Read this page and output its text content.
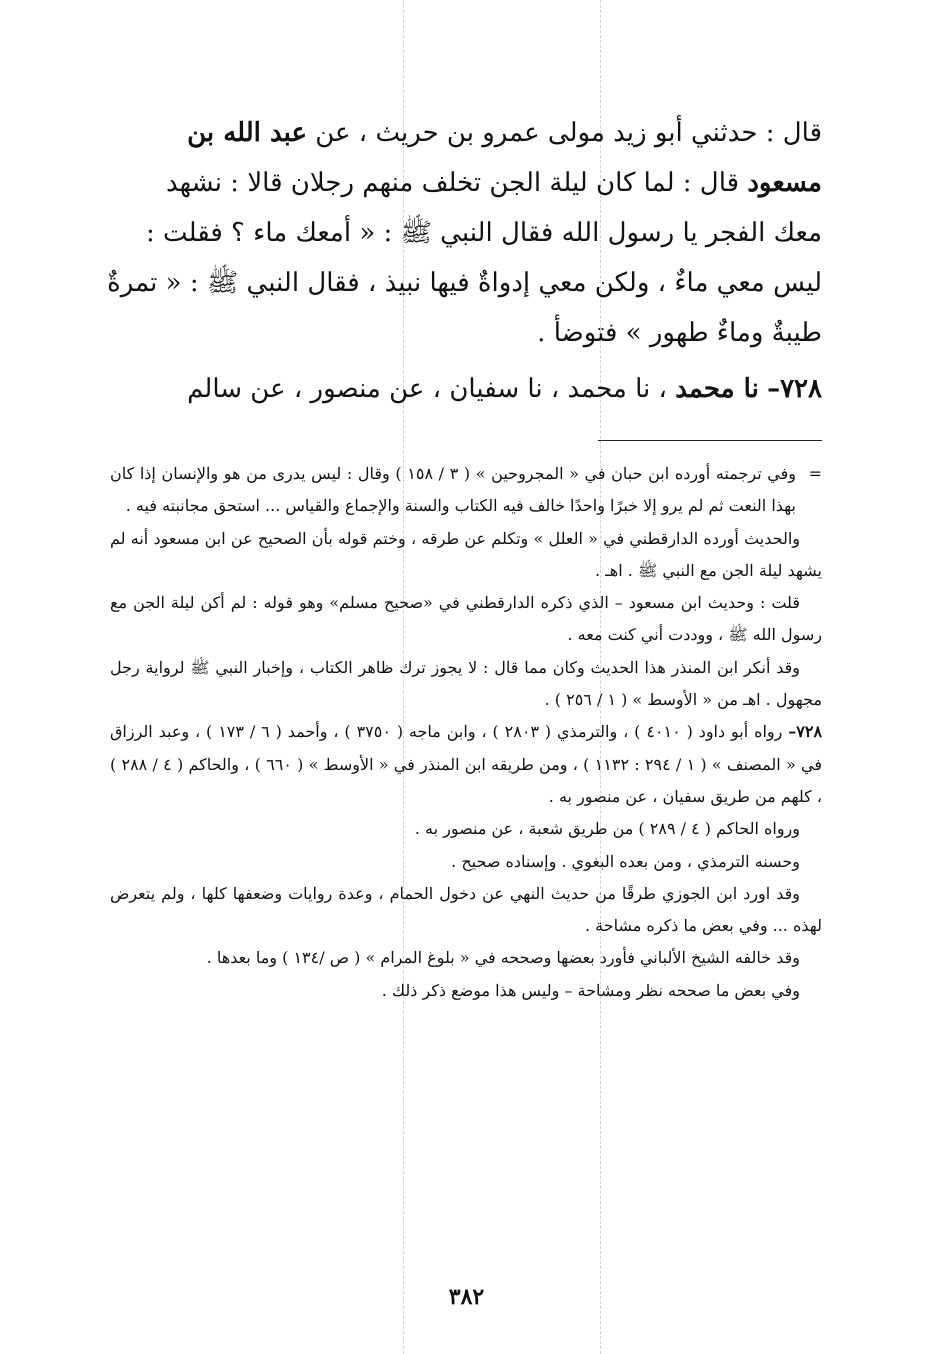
قال : حدثني أبو زيد مولى عمرو بن حريث ، عن عبد الله بن

مسعود قال : لما كان ليلة الجن تخلف منهم رجلان قالا : نشهد

معك الفجر يا رسول الله فقال النبي ﷺ : « أمعك ماء ؟ فقلت :

ليس معي ماءٌ ، ولكن معي إدواةٌ فيها نبيذ ، فقال النبي ﷺ : « تمرةٌ

طيبةٌ وماءٌ طهور » فتوضأ .

٧٢٨– نا محمد ، نا محمد ، نا سفيان ، عن منصور ، عن سالم

=
وفي ترجمته أورده ابن حبان في « المجروحين » ( ٣ / ١٥٨ ) وقال : ليس يدرى من هو والإنسان إذا كان بهذا النعت ثم لم يرو إلا خبرًا واحدًا خالف فيه الكتاب والسنة والإجماع والقياس ... استحق مجانبته فيه .

والحديث أورده الدارقطني في « العلل » وتكلم عن طرقه ، وختم قوله بأن الصحيح عن ابن مسعود أنه لم يشهد ليلة الجن مع النبي ﷺ . اهـ .

قلت : وحديث ابن مسعود – الذي ذكره الدارقطني في «صحيح مسلم» وهو قوله : لم أكن ليلة الجن مع رسول الله ﷺ ، ووددت أني كنت معه .

وقد أنكر ابن المنذر هذا الحديث وكان مما قال : لا يجوز ترك ظاهر الكتاب ، وإخبار النبي ﷺ لرواية رجل مجهول . اهـ من « الأوسط » ( ١ / ٢٥٦ ) .

٧٢٨– رواه أبو داود ( ٤٠١٠ ) ، والترمذي ( ٢٨٠٣ ) ، وابن ماجه ( ٣٧٥٠ ) ، وأحمد ( ٦ / ١٧٣ ) ، وعبد الرزاق في « المصنف » ( ١ / ٢٩٤ : ١١٣٢ ) ، ومن طريقه ابن المنذر في « الأوسط » ( ٦٦٠ ) ، والحاكم ( ٤ / ٢٨٨ ) ، كلهم من طريق سفيان ، عن منصور به .

ورواه الحاكم ( ٤ / ٢٨٩ ) من طريق شعبة ، عن منصور به .

وحسنه الترمذي ، ومن بعده البغوي . وإسناده صحيح .

وقد اورد ابن الجوزي طرقًا من حديث النهي عن دخول الحمام ، وعدة روايات وضعفها كلها ، ولم يتعرض لهذه ... وفي بعض ما ذكره مشاحة .

وقد خالفه الشيخ الألباني فأورد بعضها وصححه في « بلوغ المرام » ( ص /١٣٤ ) وما بعدها .

وفي بعض ما صححه نظر ومشاحة – وليس هذا موضع ذكر ذلك .

٣٨٢
